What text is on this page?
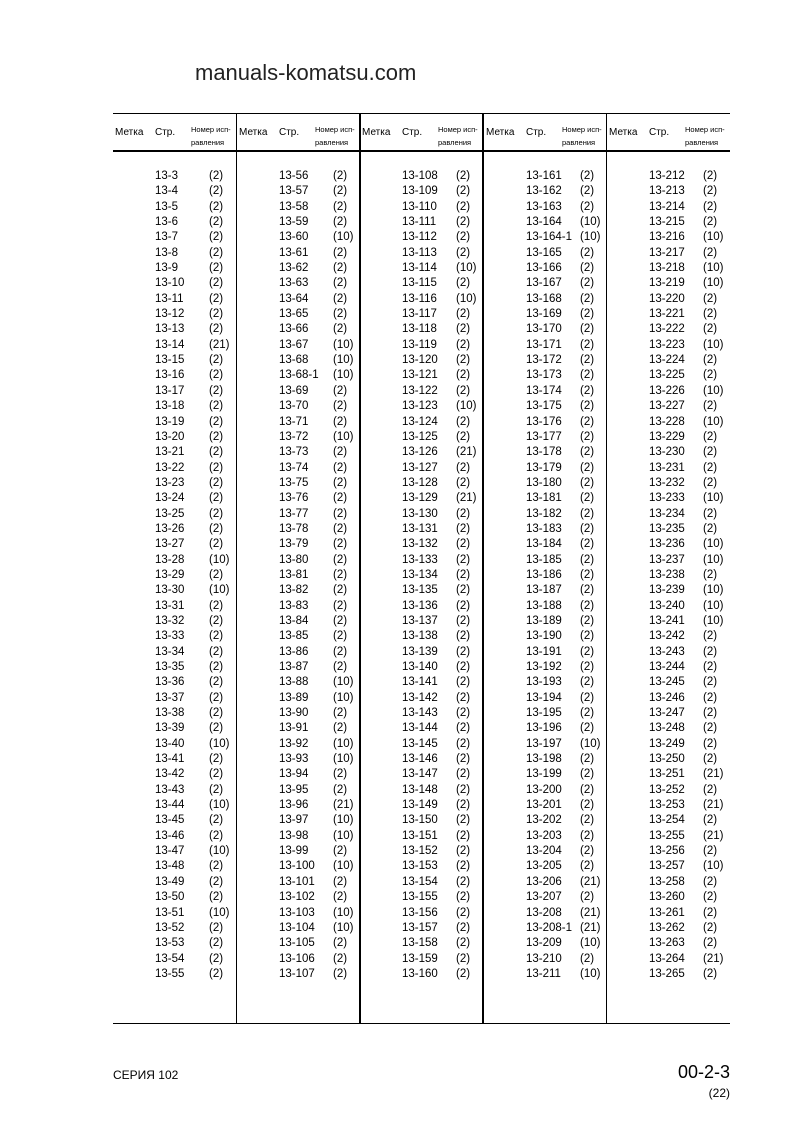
Метка Стр. Номер исп-
равления
Метка Стр. Номер исп-
равления
Метка Стр. Номер исп-
равления
Метка Стр. Номер исп-
равления
Метка Стр. Номер исп-
равления
13-3	(2)
13-4	(2)
13-5	(2)
13-6	(2)
13-7	(2)
13-8	(2)
13-9	(2)
13-10 (2)
13-11 (2)
13-12 (2)
13-13 (2)
13-14 (21)
13-15 (2)
13-16 (2)
13-17 (2)
13-18 (2)
13-19 (2)
13-20 (2)
13-21 (2)
13-22 (2)
13-23 (2)
13-24 (2)
13-25 (2)
13-26 (2)
13-27 (2)
13-28 (10)
13-29 (2)
13-30 (10)
13-31 (2)
13-32 (2)
13-33 (2)
13-34 (2)
13-35 (2)
13-36 (2)
13-37 (2)
13-38 (2)
13-39 (2)
13-40 (10)
13-41 (2)
13-42 (2)
13-43 (2)
13-44 (10)
13-45 (2)
13-46 (2)
13-47 (10)
13-48 (2)
13-49 (2)
13-50 (2)
13-51 (10)
13-52 (2)
13-53 (2)
13-54 (2)
13-55 (2)
13-56 (2)
13-57 (2)
13-58 (2)
13-59 (2)
13-60 (10)
13-61 (2)
13-62 (2)
13-63 (2)
13-64 (2)
13-65 (2)
13-66 (2)
13-67 (10)
13-68 (10)
13-68-1 (10)
13-69 (2)
13-70 (2)
13-71 (2)
13-72 (10)
13-73 (2)
13-74 (2)
13-75 (2)
13-76 (2)
13-77 (2)
13-78 (2)
13-79 (2)
13-80 (2)
13-81 (2)
13-82 (2)
13-83 (2)
13-84 (2)
13-85 (2)
13-86 (2)
13-87 (2)
13-88 (10)
13-89 (10)
13-90 (2)
13-91 (2)
13-92 (10)
13-93 (10)
13-94 (2)
13-95 (2)
13-96 (21)
13-97 (10)
13-98 (10)
13-99 (2)
13-100 (10)
13-101 (2)
13-102 (2)
13-103 (10)
13-104 (10)
13-105 (2)
13-106 (2)
13-107 (2)
13-108 (2)
13-109 (2)
13-110 (2)
13-111 (2)
13-112 (2)
13-113 (2)
13-114 (10)
13-115 (2)
13-116 (10)
13-117 (2)
13-118 (2)
13-119 (2)
13-120 (2)
13-121 (2)
13-122 (2)
13-123 (10)
13-124 (2)
13-125 (2)
13-126 (21)
13-127 (2)
13-128 (2)
13-129 (21)
13-130 (2)
13-131 (2)
13-132 (2)
13-133 (2)
13-134 (2)
13-135 (2)
13-136 (2)
13-137 (2)
13-138 (2)
13-139 (2)
13-140 (2)
13-141 (2)
13-142 (2)
13-143 (2)
13-144 (2)
13-145 (2)
13-146 (2)
13-147 (2)
13-148 (2)
13-149 (2)
13-150 (2)
13-151 (2)
13-152 (2)
13-153 (2)
13-154 (2)
13-155 (2)
13-156 (2)
13-157 (2)
13-158 (2)
13-159 (2)
13-160 (2)
13-161 (2)
13-162 (2)
13-163 (2)
13-164 (10)
13-164-1 (10)
13-165 (2)
13-166 (2)
13-167 (2)
13-168 (2)
13-169 (2)
13-170 (2)
13-171 (2)
13-172 (2)
13-173 (2)
13-174 (2)
13-175 (2)
13-176 (2)
13-177 (2)
13-178 (2)
13-179 (2)
13-180 (2)
13-181 (2)
13-182 (2)
13-183 (2)
13-184 (2)
13-185 (2)
13-186 (2)
13-187 (2)
13-188 (2)
13-189 (2)
13-190 (2)
13-191 (2)
13-192 (2)
13-193 (2)
13-194 (2)
13-195 (2)
13-196 (2)
13-197 (10)
13-198 (2)
13-199 (2)
13-200 (2)
13-201 (2)
13-202 (2)
13-203 (2)
13-204 (2)
13-205 (2)
13-206 (21)
13-207 (2)
13-208 (21)
13-208-1 (21)
13-209 (10)
13-210 (2)
13-211 (10)
13-212 (2)
13-213 (2)
13-214 (2)
13-215 (2)
13-216 (10)
13-217 (2)
13-218 (10)
13-219 (10)
13-220 (2)
13-221 (2)
13-222 (2)
13-223 (10)
13-224 (2)
13-225 (2)
13-226 (10)
13-227 (2)
13-228 (10)
13-229 (2)
13-230 (2)
13-231 (2)
13-232 (2)
13-233 (10)
13-234 (2)
13-235 (2)
13-236 (10)
13-237 (10)
13-238 (2)
13-239 (10)
13-240 (10)
13-241 (10)
13-242 (2)
13-243 (2)
13-244 (2)
13-245 (2)
13-246 (2)
13-247 (2)
13-248 (2)
13-249 (2)
13-250 (2)
13-251 (21)
13-252 (2)
13-253 (21)
13-254 (2)
13-255 (21)
13-256 (2)
13-257 (10)
13-258 (2)
13-260 (2)
13-261 (2)
13-262 (2)
13-263 (2)
13-264 (21)
13-265 (2)
manuals-komatsu.com
СЕРИЯ 102	00-2-3
(22)
